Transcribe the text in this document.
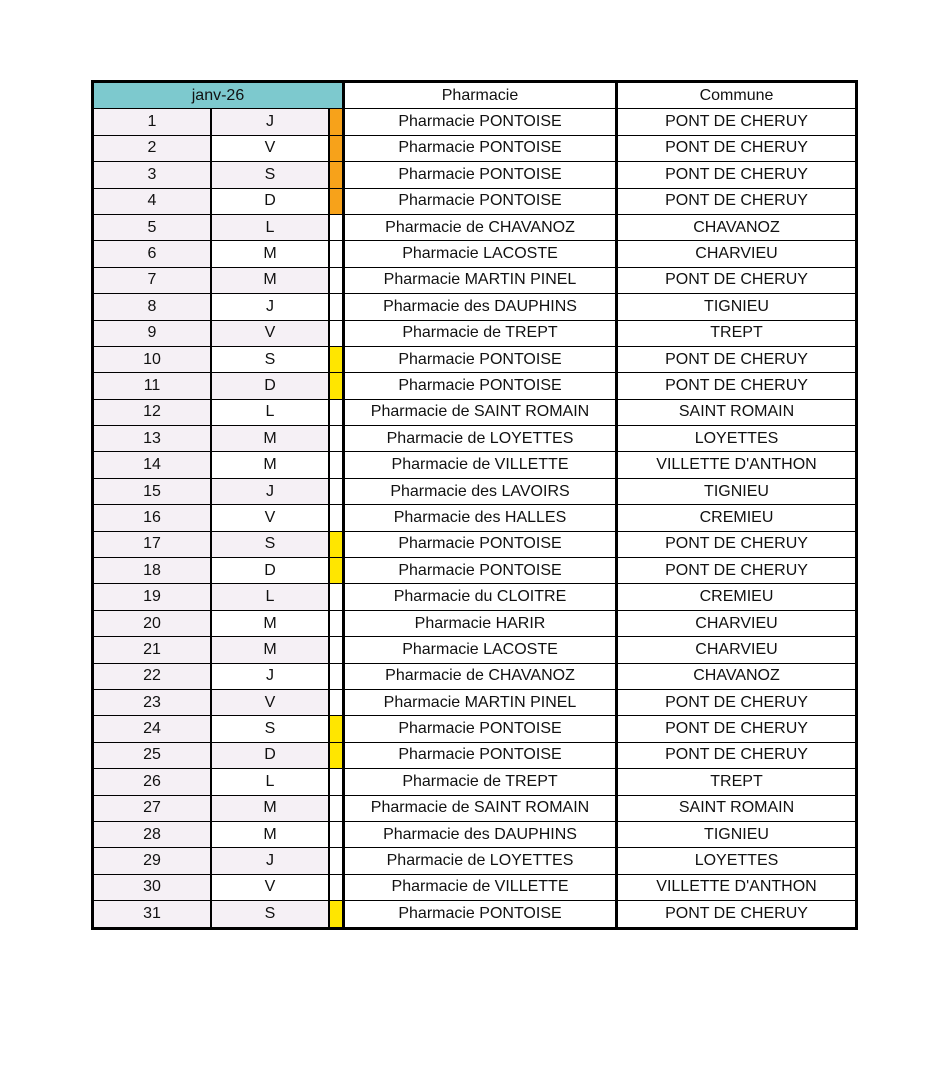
janv-26			Pharmacie	Commune
1	J		Pharmacie PONTOISE	PONT DE CHERUY
2	V		Pharmacie PONTOISE	PONT DE CHERUY
3	S		Pharmacie PONTOISE	PONT DE CHERUY
4	D		Pharmacie PONTOISE	PONT DE CHERUY
5	L		Pharmacie de CHAVANOZ	CHAVANOZ
6	M		Pharmacie LACOSTE	CHARVIEU
7	M		Pharmacie MARTIN PINEL	PONT DE CHERUY
8	J		Pharmacie des DAUPHINS	TIGNIEU
9	V		Pharmacie de TREPT	TREPT
10	S		Pharmacie PONTOISE	PONT DE CHERUY
11	D		Pharmacie PONTOISE	PONT DE CHERUY
12	L		Pharmacie de SAINT ROMAIN	SAINT ROMAIN
13	M		Pharmacie de LOYETTES	LOYETTES
14	M		Pharmacie de VILLETTE	VILLETTE D'ANTHON
15	J		Pharmacie des LAVOIRS	TIGNIEU
16	V		Pharmacie des HALLES	CREMIEU
17	S		Pharmacie PONTOISE	PONT DE CHERUY
18	D		Pharmacie PONTOISE	PONT DE CHERUY
19	L		Pharmacie du CLOITRE	CREMIEU
20	M		Pharmacie HARIR	CHARVIEU
21	M		Pharmacie LACOSTE	CHARVIEU
22	J		Pharmacie de CHAVANOZ	CHAVANOZ
23	V		Pharmacie MARTIN PINEL	PONT DE CHERUY
24	S		Pharmacie PONTOISE	PONT DE CHERUY
25	D		Pharmacie PONTOISE	PONT DE CHERUY
26	L		Pharmacie de TREPT	TREPT
27	M		Pharmacie de SAINT ROMAIN	SAINT ROMAIN
28	M		Pharmacie des DAUPHINS	TIGNIEU
29	J		Pharmacie de LOYETTES	LOYETTES
30	V		Pharmacie de VILLETTE	VILLETTE D'ANTHON
31	S		Pharmacie PONTOISE	PONT DE CHERUY
